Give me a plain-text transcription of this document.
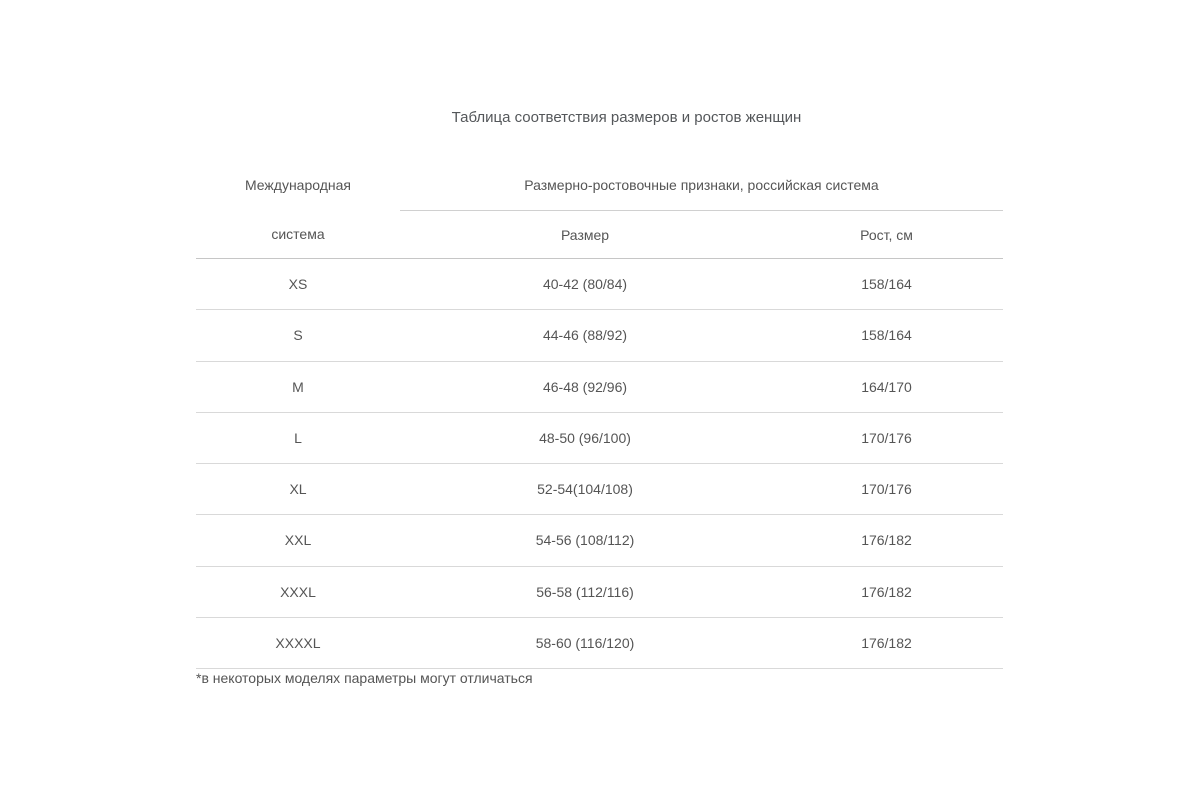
Таблица соответствия размеров и ростов женщин
Международная
система	Размерно-ростовочные признаки, российская система	
	Размер	Рост, см
XS	40-42 (80/84)	158/164
S	44-46 (88/92)	158/164
M	46-48 (92/96)	164/170
L	48-50 (96/100)	170/176
XL	52-54(104/108)	170/176
XXL	54-56 (108/112)	176/182
XXXL	56-58 (112/116)	176/182
XXXXL	58-60 (116/120)	176/182
*в некоторых моделях параметры могут отличаться
